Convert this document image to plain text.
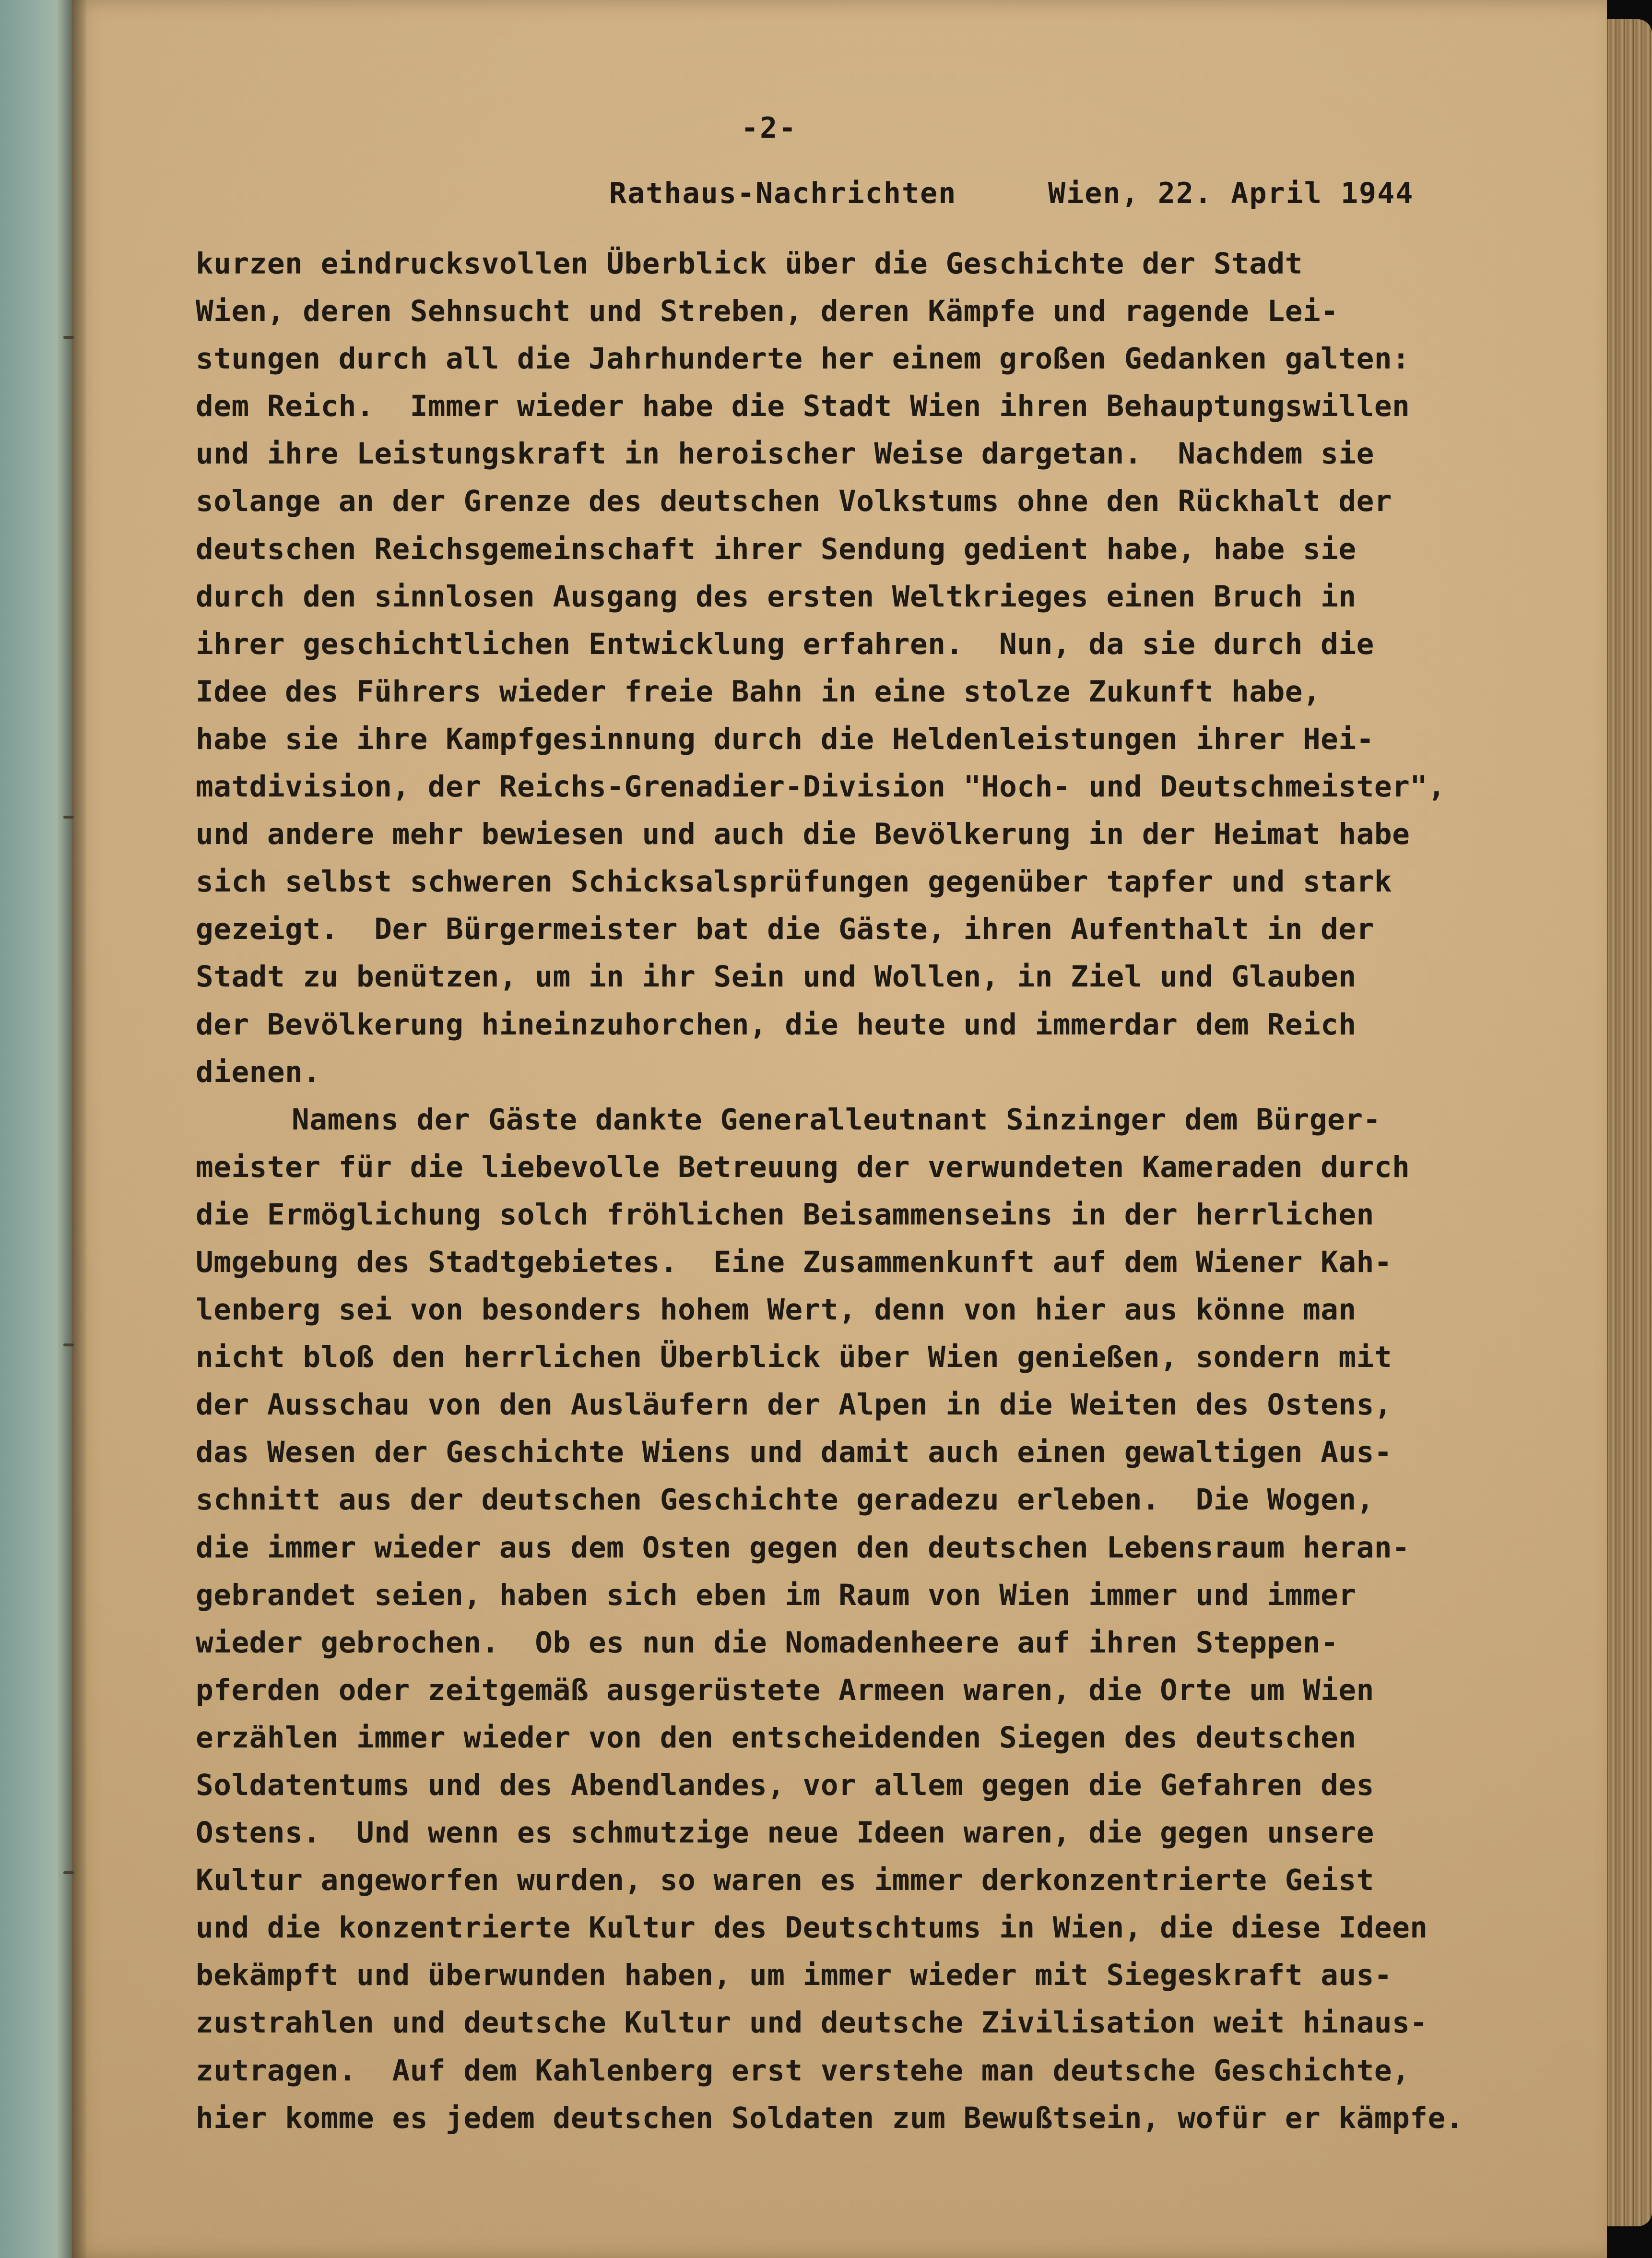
-2-
Rathaus-Nachrichten	Wien, 22. April 1944
kurzen eindrucksvollen Überblick über die Geschichte der Stadt
Wien, deren Sehnsucht und Streben, deren Kämpfe und ragende Lei-
stungen durch all die Jahrhunderte her einem großen Gedanken galten:
dem Reich.  Immer wieder habe die Stadt Wien ihren Behauptungswillen
und ihre Leistungskraft in heroischer Weise dargetan.  Nachdem sie
solange an der Grenze des deutschen Volkstums ohne den Rückhalt der
deutschen Reichsgemeinschaft ihrer Sendung gedient habe, habe sie
durch den sinnlosen Ausgang des ersten Weltkrieges einen Bruch in
ihrer geschichtlichen Entwicklung erfahren.  Nun, da sie durch die
Idee des Führers wieder freie Bahn in eine stolze Zukunft habe,
habe sie ihre Kampfgesinnung durch die Heldenleistungen ihrer Hei-
matdivision, der Reichs-Grenadier-Division "Hoch- und Deutschmeister",
und andere mehr bewiesen und auch die Bevölkerung in der Heimat habe
sich selbst schweren Schicksalsprüfungen gegenüber tapfer und stark
gezeigt.  Der Bürgermeister bat die Gäste, ihren Aufenthalt in der
Stadt zu benützen, um in ihr Sein und Wollen, in Ziel und Glauben
der Bevölkerung hineinzuhorchen, die heute und immerdar dem Reich
dienen.
Namens der Gäste dankte Generalleutnant Sinzinger dem Bürger-
meister für die liebevolle Betreuung der verwundeten Kameraden durch
die Ermöglichung solch fröhlichen Beisammenseins in der herrlichen
Umgebung des Stadtgebietes.  Eine Zusammenkunft auf dem Wiener Kah-
lenberg sei von besonders hohem Wert, denn von hier aus könne man
nicht bloß den herrlichen Überblick über Wien genießen, sondern mit
der Ausschau von den Ausläufern der Alpen in die Weiten des Ostens,
das Wesen der Geschichte Wiens und damit auch einen gewaltigen Aus-
schnitt aus der deutschen Geschichte geradezu erleben.  Die Wogen,
die immer wieder aus dem Osten gegen den deutschen Lebensraum heran-
gebrandet seien, haben sich eben im Raum von Wien immer und immer
wieder gebrochen.  Ob es nun die Nomadenheere auf ihren Steppen-
pferden oder zeitgemäß ausgerüstete Armeen waren, die Orte um Wien
erzählen immer wieder von den entscheidenden Siegen des deutschen
Soldatentums und des Abendlandes, vor allem gegen die Gefahren des
Ostens.  Und wenn es schmutzige neue Ideen waren, die gegen unsere
Kultur angeworfen wurden, so waren es immer derkonzentrierte Geist
und die konzentrierte Kultur des Deutschtums in Wien, die diese Ideen
bekämpft und überwunden haben, um immer wieder mit Siegeskraft aus-
zustrahlen und deutsche Kultur und deutsche Zivilisation weit hinaus-
zutragen.  Auf dem Kahlenberg erst verstehe man deutsche Geschichte,
hier komme es jedem deutschen Soldaten zum Bewußtsein, wofür er kämpfe.
